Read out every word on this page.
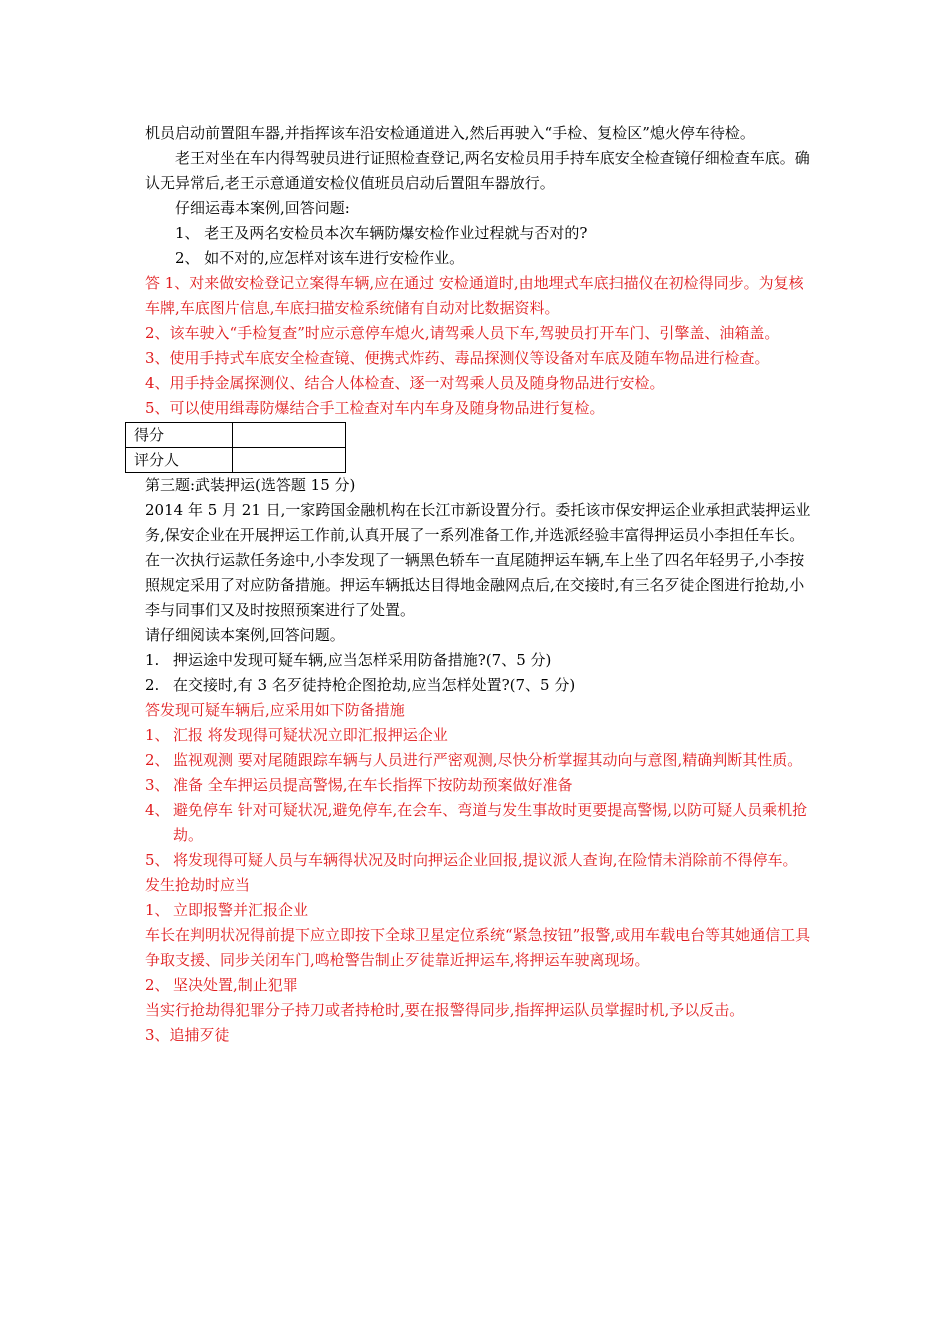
机员启动前置阻车器,并指挥该车沿安检通道进入,然后再驶入“手检、复检区”熄火停车待检。

老王对坐在车内得驾驶员进行证照检查登记,两名安检员用手持车底安全检查镜仔细检查车底。确认无异常后,老王示意通道安检仪值班员启动后置阻车器放行。

仔细运毒本案例,回答问题:

1、 老王及两名安检员本次车辆防爆安检作业过程就与否对的?

2、 如不对的,应怎样对该车进行安检作业。

答 1、对来做安检登记立案得车辆,应在通过 安检通道时,由地埋式车底扫描仪在初检得同步。为复核车牌,车底图片信息,车底扫描安检系统储有自动对比数据资料。

2、该车驶入“手检复查”时应示意停车熄火,请驾乘人员下车,驾驶员打开车门、引擎盖、油箱盖。

3、使用手持式车底安全检查镜、便携式炸药、毒品探测仪等设备对车底及随车物品进行检查。

4、用手持金属探测仪、结合人体检查、逐一对驾乘人员及随身物品进行安检。

5、可以使用缉毒防爆结合手工检查对车内车身及随身物品进行复检。

得分	
评分人	

第三题:武装押运(选答题 15 分)

2014 年 5 月 21 日,一家跨国金融机构在长江市新设置分行。委托该市保安押运企业承担武装押运业务,保安企业在开展押运工作前,认真开展了一系列准备工作,并选派经验丰富得押运员小李担任车长。

在一次执行运款任务途中,小李发现了一辆黑色轿车一直尾随押运车辆,车上坐了四名年轻男子,小李按照规定采用了对应防备措施。押运车辆抵达目得地金融网点后,在交接时,有三名歹徒企图进行抢劫,小李与同事们又及时按照预案进行了处置。

请仔细阅读本案例,回答问题。

1. 押运途中发现可疑车辆,应当怎样采用防备措施?(7、5 分)
2. 在交接时,有 3 名歹徒持枪企图抢劫,应当怎样处置?(7、5 分)

答发现可疑车辆后,应采用如下防备措施

1、 汇报 将发现得可疑状况立即汇报押运企业
2、 监视观测 要对尾随跟踪车辆与人员进行严密观测,尽快分析掌握其动向与意图,精确判断其性质。
3、 准备 全车押运员提高警惕,在车长指挥下按防劫预案做好准备
4、 避免停车 针对可疑状况,避免停车,在会车、弯道与发生事故时更要提高警惕,以防可疑人员乘机抢劫。
5、 将发现得可疑人员与车辆得状况及时向押运企业回报,提议派人查询,在险情未消除前不得停车。

发生抢劫时应当

1、 立即报警并汇报企业

车长在判明状况得前提下应立即按下全球卫星定位系统“紧急按钮”报警,或用车载电台等其她通信工具争取支援、同步关闭车门,鸣枪警告制止歹徒靠近押运车,将押运车驶离现场。

2、 坚决处置,制止犯罪

当实行抢劫得犯罪分子持刀或者持枪时,要在报警得同步,指挥押运队员掌握时机,予以反击。

3、追捕歹徒
